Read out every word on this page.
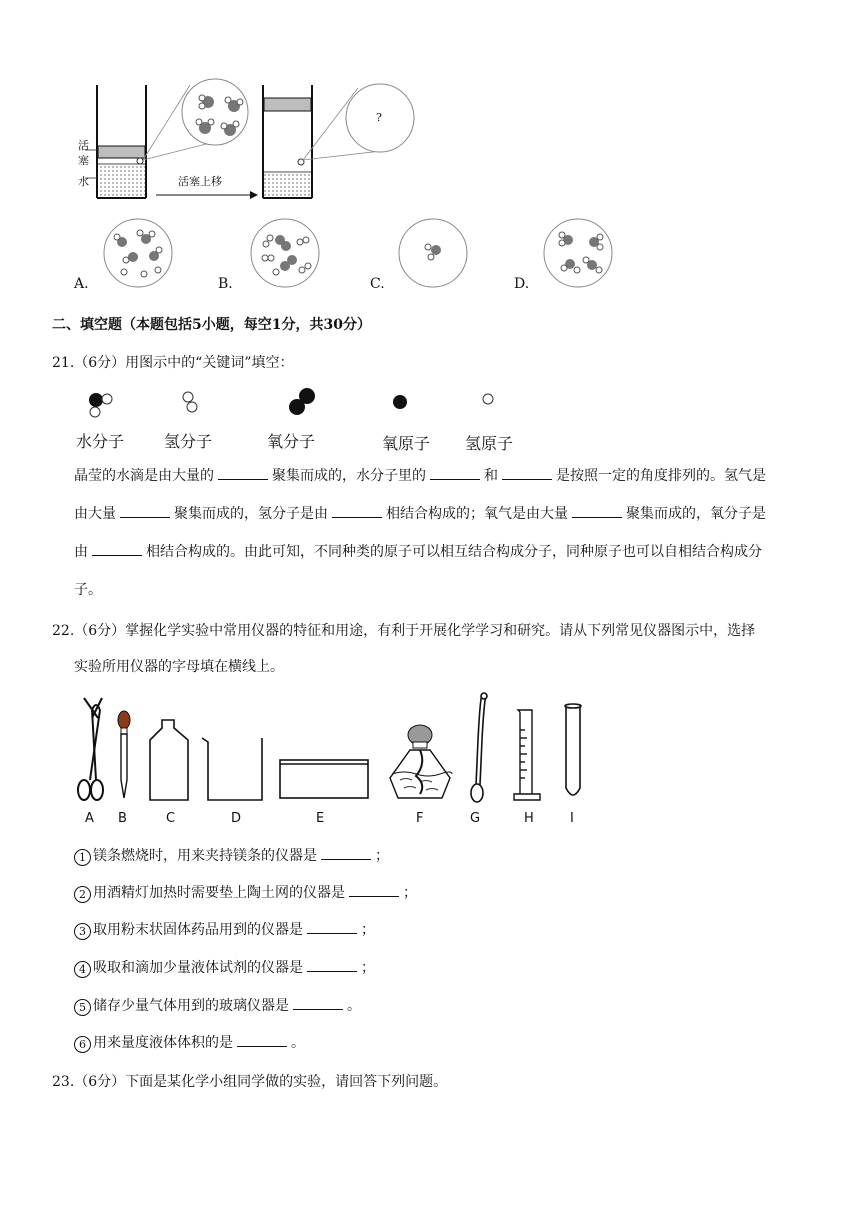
活
塞
水	活塞上移
?
A.	B.	C.	D.
二、填空题（本题包括5小题，每空1分，共30分）
21.（6分）用图示中的“关键词”填空：
水分子 氢分子	氧分子	氧原子 氢原子
晶莹的水滴是由大量的	聚集而成的，水分子里的	和	是按照一定的角度排列的。氢气是
由大量	聚集而成的，氢分子是由	相结合构成的；氧气是由大量	聚集而成的，氧分子是
由	相结合构成的。由此可知，不同种类的原子可以相互结合构成分子，同种原子也可以自相结合构成分
子。
22.（6分）掌握化学实验中常用仪器的特征和用途，有利于开展化学学习和研究。请从下列常见仪器图示中，选择
实验所用仪器的字母填在横线上。
A B	C	D	E	F	G	H	I
1 镁条燃烧时，用来夹持镁条的仪器是	；
2 用酒精灯加热时需要垫上陶土网的仪器是	；
3 取用粉末状固体药品用到的仪器是	；
4 吸取和滴加少量液体试剂的仪器是	；
5 储存少量气体用到的玻璃仪器是	。
6 用来量度液体体积的是	。
23.（6分）下面是某化学小组同学做的实验，请回答下列问题。
